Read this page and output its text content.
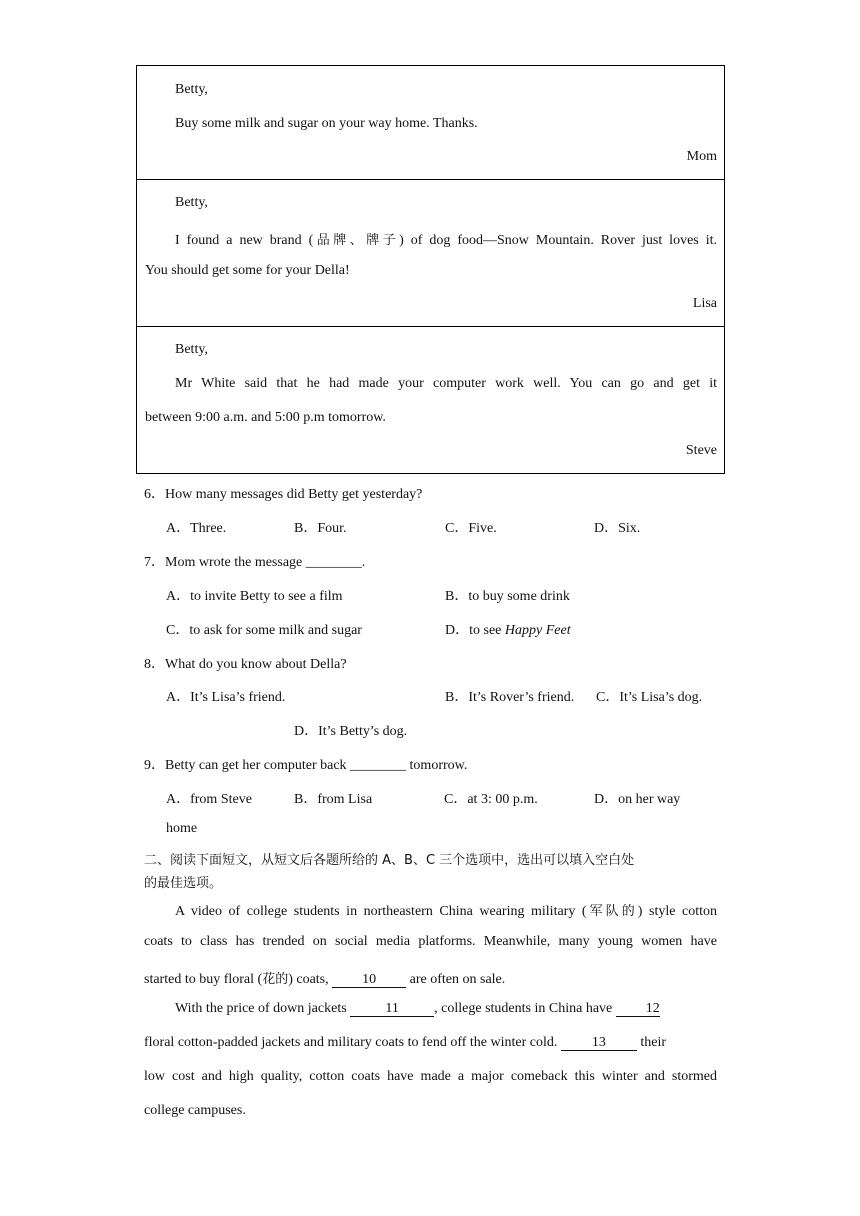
Betty,
Buy some milk and sugar on your way home. Thanks.
Mom
Betty,
I found a new brand (品牌、牌子) of dog food—Snow Mountain. Rover just loves it.
You should get some for your Della!
Lisa
Betty,
Mr White said that he had made your computer work well. You can go and get it
between 9:00 a.m. and 5:00 p.m tomorrow.
Steve
6．How many messages did Betty get yesterday?
A．Three.	B．Four.	C．Five.	D．Six.
7．Mom wrote the message ________.
A．to invite Betty to see a film	B．to buy some drink
C．to ask for some milk and sugar	D．to see Happy Feet
8．What do you know about Della?
A．It’s Lisa’s friend.	B．It’s Rover’s friend. C．It’s Lisa’s dog.
D．It’s Betty’s dog.
9．Betty can get her computer back ________ tomorrow.
A．from Steve	B．from Lisa	C．at 3: 00 p.m.	D．on her way
home
二、阅读下面短文，从短文后各题所给的 A、B、C 三个选项中，选出可以填入空白处
的最佳选项。
A video of college students in northeastern China wearing military (军队的) style cotton
coats to class has trended on social media platforms. Meanwhile, many young women have
started to buy floral (花的) coats, 10 are often on sale.
With the price of down jackets	11	, college students in China have 12
floral cotton-padded jackets and military coats to fend off the winter cold. 13 their
low cost and high quality, cotton coats have made a major comeback this winter and stormed
college campuses.
